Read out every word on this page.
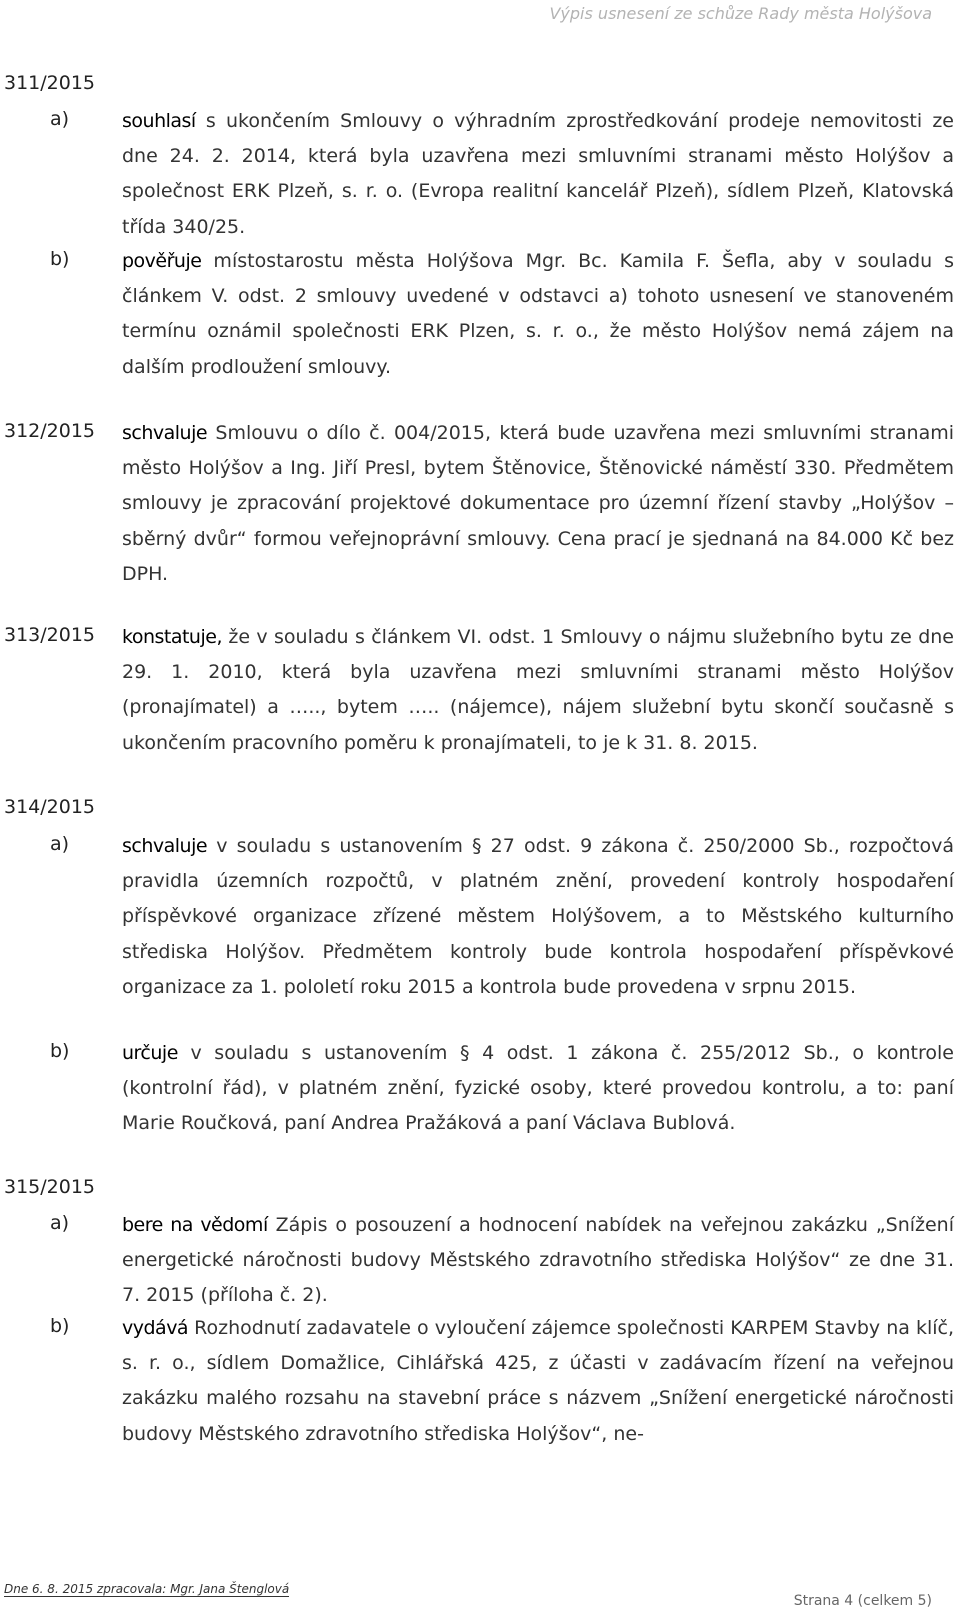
Výpis usnesení ze schůze Rady města Holýšova
311/2015
a)	souhlasí s ukončením Smlouvy o výhradním zprostředkování prodeje nemovitosti ze dne 24. 2. 2014, která byla uzavřena mezi smluvními stranami město Holýšov a společnost ERK Plzeň, s. r. o. (Evropa realitní kancelář Plzeň), sídlem Plzeň, Klatovská třída 340/25.
b)	pověřuje místostarostu města Holýšova Mgr. Bc. Kamila F. Šefla, aby v souladu s článkem V. odst. 2 smlouvy uvedené v odstavci a) tohoto usnesení ve stanoveném termínu oznámil společnosti ERK Plzen, s. r. o., že město Holýšov nemá zájem na dalším prodloužení smlouvy.
312/2015 schvaluje Smlouvu o dílo č. 004/2015, která bude uzavřena mezi smluvními stranami město Holýšov a Ing. Jiří Presl, bytem Štěnovice, Štěnovické náměstí 330. Předmětem smlouvy je zpracování projektové dokumentace pro územní řízení stavby „Holýšov – sběrný dvůr“ formou veřejnoprávní smlouvy. Cena prací je sjednaná na 84.000 Kč bez DPH.
313/2015 konstatuje, že v souladu s článkem VI. odst. 1 Smlouvy o nájmu služebního bytu ze dne 29. 1. 2010, která byla uzavřena mezi smluvními stranami město Holýšov (pronajímatel) a ….., bytem ….. (nájemce), nájem služební bytu skončí současně s ukončením pracovního poměru k pronajímateli, to je k 31. 8. 2015.
314/2015
a)	schvaluje v souladu s ustanovením § 27 odst. 9 zákona č. 250/2000 Sb., rozpočtová pravidla územních rozpočtů, v platném znění, provedení kontroly hospodaření příspěvkové organizace zřízené městem Holýšovem, a to Městského kulturního střediska Holýšov. Předmětem kontroly bude kontrola hospodaření příspěvkové organizace za 1. pololetí roku 2015 a kontrola bude provedena v srpnu 2015.
b)	určuje v souladu s ustanovením § 4 odst. 1 zákona č. 255/2012 Sb., o kontrole (kontrolní řád), v platném znění, fyzické osoby, které provedou kontrolu, a to: paní Marie Roučková, paní Andrea Pražáková a paní Václava Bublová.
315/2015
a)	bere na vědomí Zápis o posouzení a hodnocení nabídek na veřejnou zakázku „Snížení energetické náročnosti budovy Městského zdravotního střediska Holýšov“ ze dne 31. 7. 2015 (příloha č. 2).
b)	vydává Rozhodnutí zadavatele o vyloučení zájemce společnosti KARPEM Stavby na klíč, s. r. o., sídlem Domažlice, Cihlářská 425, z účasti v zadávacím řízení na veřejnou zakázku malého rozsahu na stavební práce s názvem „Snížení energetické náročnosti budovy Městského zdravotního střediska Holýšov“, ne-
Dne 6. 8. 2015 zpracovala: Mgr. Jana Štenglová
Strana 4 (celkem 5)
